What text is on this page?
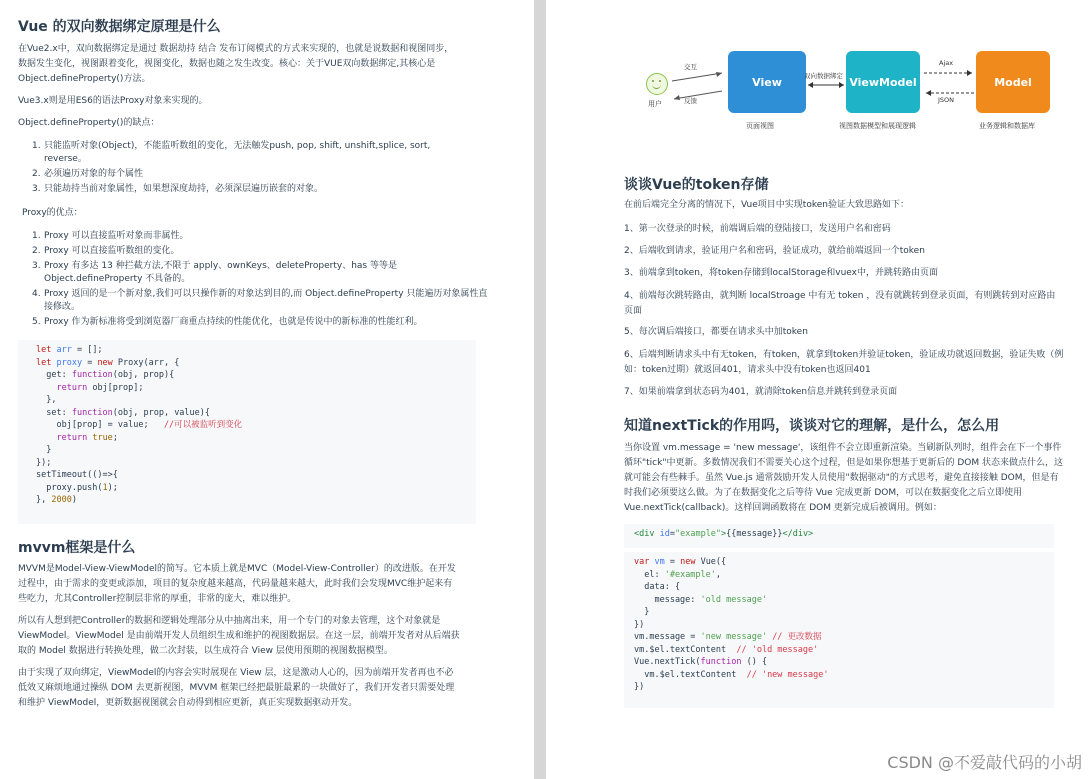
Vue 的双向数据绑定原理是什么

在Vue2.x中，双向数据绑定是通过 数据劫持 结合 发布订阅模式的方式来实现的，也就是说数据和视图同步，数据发生变化，视图跟着变化，视图变化，数据也随之发生改变。核心：关于VUE双向数据绑定,其核心是 Object.defineProperty()方法。

Vue3.x则是用ES6的语法Proxy对象来实现的。

Object.defineProperty()的缺点：

1. 只能监听对象(Object)，不能监听数组的变化，无法触发push, pop, shift, unshift,splice, sort, reverse。
2. 必须遍历对象的每个属性
3. 只能劫持当前对象属性，如果想深度劫持，必须深层遍历嵌套的对象。

Proxy的优点：

1. Proxy 可以直接监听对象而非属性。
2. Proxy 可以直接监听数组的变化。
3. Proxy 有多达 13 种拦截方法,不限于 apply、ownKeys、deleteProperty、has 等等是 Object.defineProperty 不具备的。
4. Proxy 返回的是一个新对象,我们可以只操作新的对象达到目的,而 Object.defineProperty 只能遍历对象属性直接修改。
5. Proxy 作为新标准将受到浏览器厂商重点持续的性能优化，也就是传说中的新标准的性能红利。
let arr = [];
let proxy = new Proxy(arr, {
get: function(obj, prop){
return obj[prop];
},
set: function(obj, prop, value){
obj[prop] = value;   //可以被监听到变化
return true;
}
});
setTimeout(()=>{
proxy.push(1);
}, 2000)
mvvm框架是什么

MVVM是Model-View-ViewModel的简写。它本质上就是MVC（Model-View-Controller）的改进版。在开发过程中，由于需求的变更或添加，项目的复杂度越来越高，代码量越来越大，此时我们会发现MVC维护起来有些吃力，尤其Controller控制层非常的厚重，非常的庞大，难以维护。

所以有人想到把Controller的数据和逻辑处理部分从中抽离出来，用一个专门的对象去管理，这个对象就是ViewModel。ViewModel 是由前端开发人员组织生成和维护的视图数据层。在这一层，前端开发者对从后端获取的 Model 数据进行转换处理，做二次封装，以生成符合 View 层使用预期的视图数据模型。

由于实现了双向绑定，ViewModel的内容会实时展现在 View 层，这是激动人心的，因为前端开发者再也不必低效又麻烦地通过操纵 DOM 去更新视图，MVVM 框架已经把最脏最累的一块做好了，我们开发者只需要处理和维护 ViewModel，更新数据视图就会自动得到相应更新，真正实现数据驱动开发。

用户
交互
反馈
View
页面视图
双向数据绑定 ViewModel
视图数据模型和展现逻辑
Ajax
JSON
Model
业务逻辑和数据库
谈谈Vue的token存储

在前后端完全分离的情况下，Vue项目中实现token验证大致思路如下：

1、第一次登录的时候，前端调后端的登陆接口，发送用户名和密码

2、后端收到请求，验证用户名和密码，验证成功，就给前端返回一个token

3、前端拿到token，将token存储到localStorage和vuex中，并跳转路由页面

4、前端每次跳转路由，就判断 localStroage 中有无 token ，没有就跳转到登录页面，有则跳转到对应路由页面

5、每次调后端接口，都要在请求头中加token

6、后端判断请求头中有无token，有token，就拿到token并验证token，验证成功就返回数据，验证失败（例如：token过期）就返回401，请求头中没有token也返回401

7、如果前端拿到状态码为401，就清除token信息并跳转到登录页面

知道nextTick的作用吗，谈谈对它的理解，是什么，怎么用

当你设置 vm.message = 'new message'，该组件不会立即重新渲染。当刷新队列时，组件会在下一个事件循环"tick"中更新。多数情况我们不需要关心这个过程，但是如果你想基于更新后的 DOM 状态来做点什么，这就可能会有些棘手。虽然 Vue.js 通常鼓励开发人员使用"数据驱动"的方式思考，避免直接接触 DOM，但是有时我们必须要这么做。为了在数据变化之后等待 Vue 完成更新 DOM，可以在数据变化之后立即使用 Vue.nextTick(callback)。这样回调函数将在 DOM 更新完成后被调用。例如：

<div id="example">{{message}}</div>
var vm = new Vue({
el: '#example',
data: {
message: 'old message'
}
})
vm.message = 'new message' // 更改数据
vm.$el.textContent  // 'old message'
Vue.nextTick(function () {
vm.$el.textContent  // 'new message'
})
CSDN @不爱敲代码的小胡
